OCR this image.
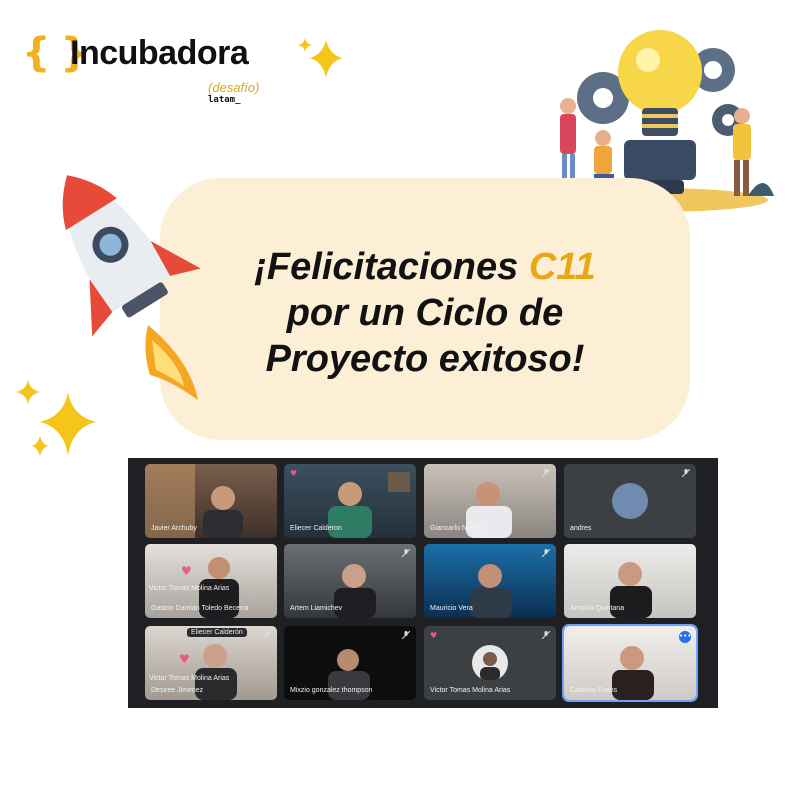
{ }
Incubadora
(desafío)
latam_
¡Felicitaciones C11
por un Ciclo de
Proyecto exitoso!
Javier Archuby
♥
Eliecer Calderon	Giancarlo Noreda	andres
♥
Victor Tomas Molina Arias
Gaston Damián Toledo Becerra	Artem Liamichev	Mauricio Vera	Antonia Quintana
Eliecer Calderón
♥
Victor Tomas Molina Arias
Desiree Jimenez	Mixzio gonzalez thompson
♥
Victor Tomas Molina Arias
•••
Catalina Evans
